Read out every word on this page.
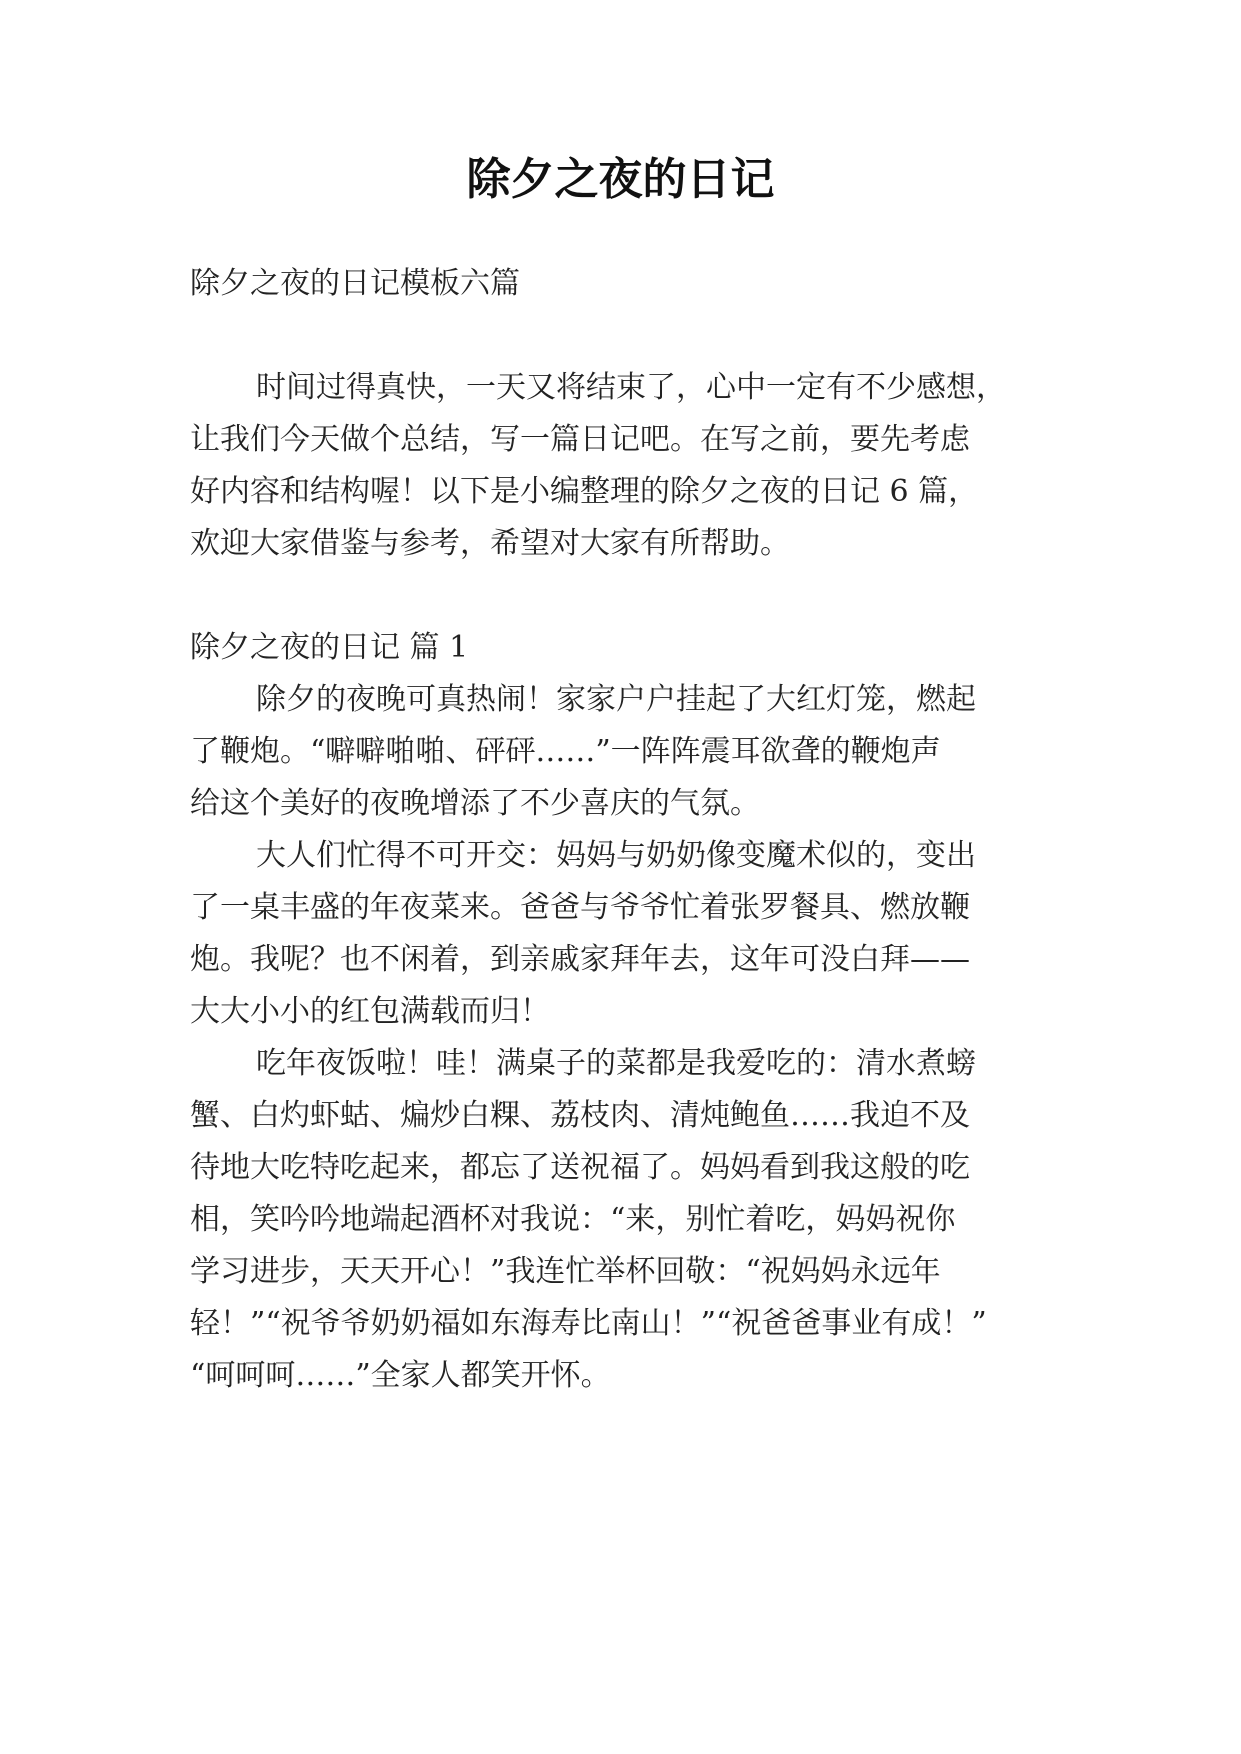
除夕之夜的日记

除夕之夜的日记模板六篇

时间过得真快，一天又将结束了，心中一定有不少感想，

让我们今天做个总结，写一篇日记吧。在写之前，要先考虑

好内容和结构喔！以下是小编整理的除夕之夜的日记 6 篇，

欢迎大家借鉴与参考，希望对大家有所帮助。

除夕之夜的日记 篇 1

除夕的夜晚可真热闹！家家户户挂起了大红灯笼，燃起

了鞭炮。“噼噼啪啪、砰砰……”一阵阵震耳欲聋的鞭炮声

给这个美好的夜晚增添了不少喜庆的气氛。

大人们忙得不可开交：妈妈与奶奶像变魔术似的，变出

了一桌丰盛的年夜菜来。爸爸与爷爷忙着张罗餐具、燃放鞭

炮。我呢？也不闲着，到亲戚家拜年去，这年可没白拜——

大大小小的红包满载而归！

吃年夜饭啦！哇！满桌子的菜都是我爱吃的：清水煮螃

蟹、白灼虾蛄、煸炒白粿、荔枝肉、清炖鲍鱼……我迫不及

待地大吃特吃起来，都忘了送祝福了。妈妈看到我这般的吃

相，笑吟吟地端起酒杯对我说：“来，别忙着吃，妈妈祝你

学习进步，天天开心！”我连忙举杯回敬：“祝妈妈永远年

轻！”“祝爷爷奶奶福如东海寿比南山！”“祝爸爸事业有成！”

“呵呵呵……”全家人都笑开怀。
